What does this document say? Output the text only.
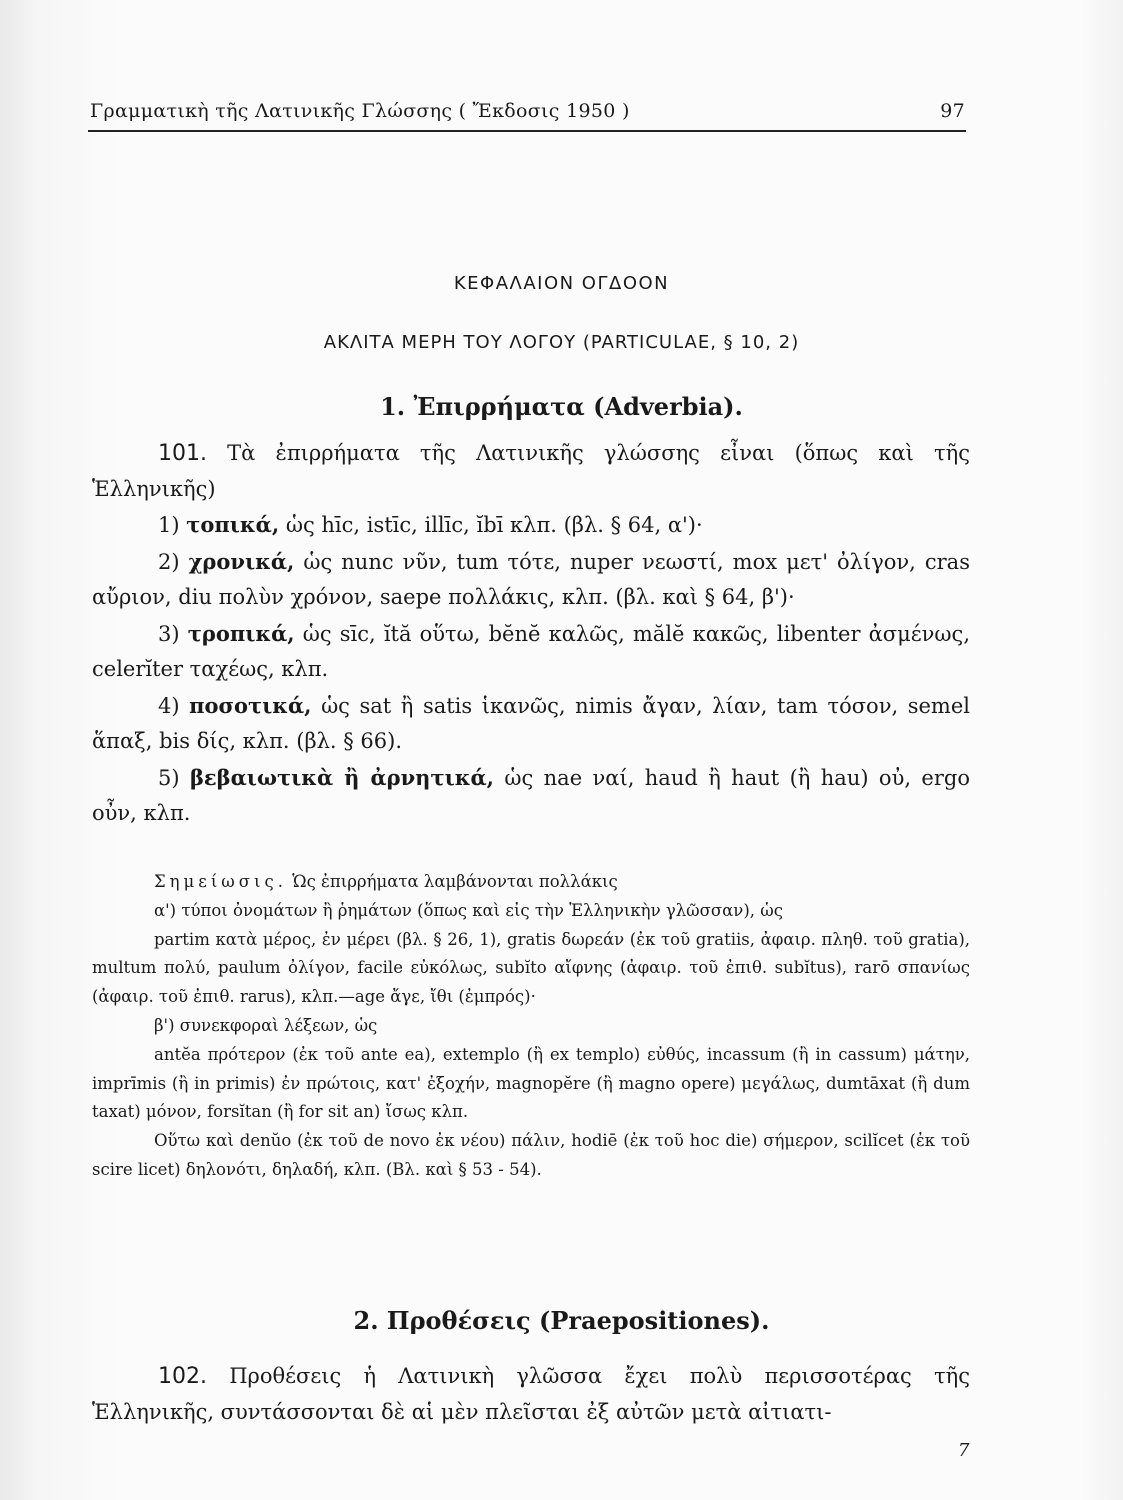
Γραμματικὴ τῆς Λατινικῆς Γλώσσης ( Ἔκδοσις 1950 )	97
ΚΕΦΑΛΑΙΟΝ ΟΓΔΟΟΝ
ΑΚΛΙΤΑ ΜΕΡΗ ΤΟΥ ΛΟΓΟΥ (PARTICULAE, § 10, 2)
1. Ἐπιρρήματα (Adverbia).

101. Τὰ ἐπιρρήματα τῆς Λατινικῆς γλώσσης εἶναι (ὅπως καὶ τῆς Ἑλληνικῆς)

1) τοπικά, ὡς hīc, istīc, illīc, ĭbī κλπ. (βλ. § 64, α')·

2) χρονικά, ὡς nunc νῦν, tum τότε, nuper νεωστί, mox μετ' ὀλίγον, cras αὔριον, diu πολὺν χρόνον, saepe πολλάκις, κλπ. (βλ. καὶ § 64, β')·

3) τροπικά, ὡς sīc, ĭtă οὕτω, bĕnĕ καλῶς, mălĕ κακῶς, libenter ἀσμένως, celerĭter ταχέως, κλπ.

4) ποσοτικά, ὡς sat ἢ satis ἱκανῶς, nimis ἄγαν, λίαν, tam τόσον, semel ἅπαξ, bis δίς, κλπ. (βλ. § 66).

5) βεβαιωτικὰ ἢ ἀρνητικά, ὡς nae ναί, haud ἢ haut (ἢ hau) οὐ, ergo οὖν, κλπ.

Σημείωσις. Ὡς ἐπιρρήματα λαμβάνονται πολλάκις

α') τύποι ὀνομάτων ἢ ῥημάτων (ὅπως καὶ εἰς τὴν Ἑλληνικὴν γλῶσσαν), ὡς

partim κατὰ μέρος, ἐν μέρει (βλ. § 26, 1), gratis δωρεάν (ἐκ τοῦ gratiis, ἀφαιρ. πληθ. τοῦ gratia), multum πολύ, paulum ὀλίγον, facile εὐκόλως, subĭto αἴφνης (ἀφαιρ. τοῦ ἐπιθ. subĭtus), rarō σπανίως (ἀφαιρ. τοῦ ἐπιθ. rarus), κλπ.—age ἄγε, ἴθι (ἐμπρός)·

β') συνεκφοραὶ λέξεων, ὡς

antĕa πρότερον (ἐκ τοῦ ante ea), extemplo (ἢ ex templo) εὐθύς, incassum (ἢ in cassum) μάτην, imprīmis (ἢ in primis) ἐν πρώτοις, κατ' ἐξοχήν, magnopĕre (ἢ magno opere) μεγάλως, dumtāxat (ἢ dum taxat) μόνον, forsĭtan (ἢ for sit an) ἴσως κλπ.

Οὕτω καὶ denŭo (ἐκ τοῦ de novo ἐκ νέου) πάλιν, hodiē (ἐκ τοῦ hoc die) σήμερον, scilĭcet (ἐκ τοῦ scire licet) δηλονότι, δηλαδή, κλπ. (Βλ. καὶ § 53 - 54).

2. Προθέσεις (Praepositiones).

102. Προθέσεις ἡ Λατινικὴ γλῶσσα ἔχει πολὺ περισσοτέρας τῆς Ἑλληνικῆς, συντάσσονται δὲ αἱ μὲν πλεῖσται ἐξ αὐτῶν μετὰ αἰτιατι-

7
